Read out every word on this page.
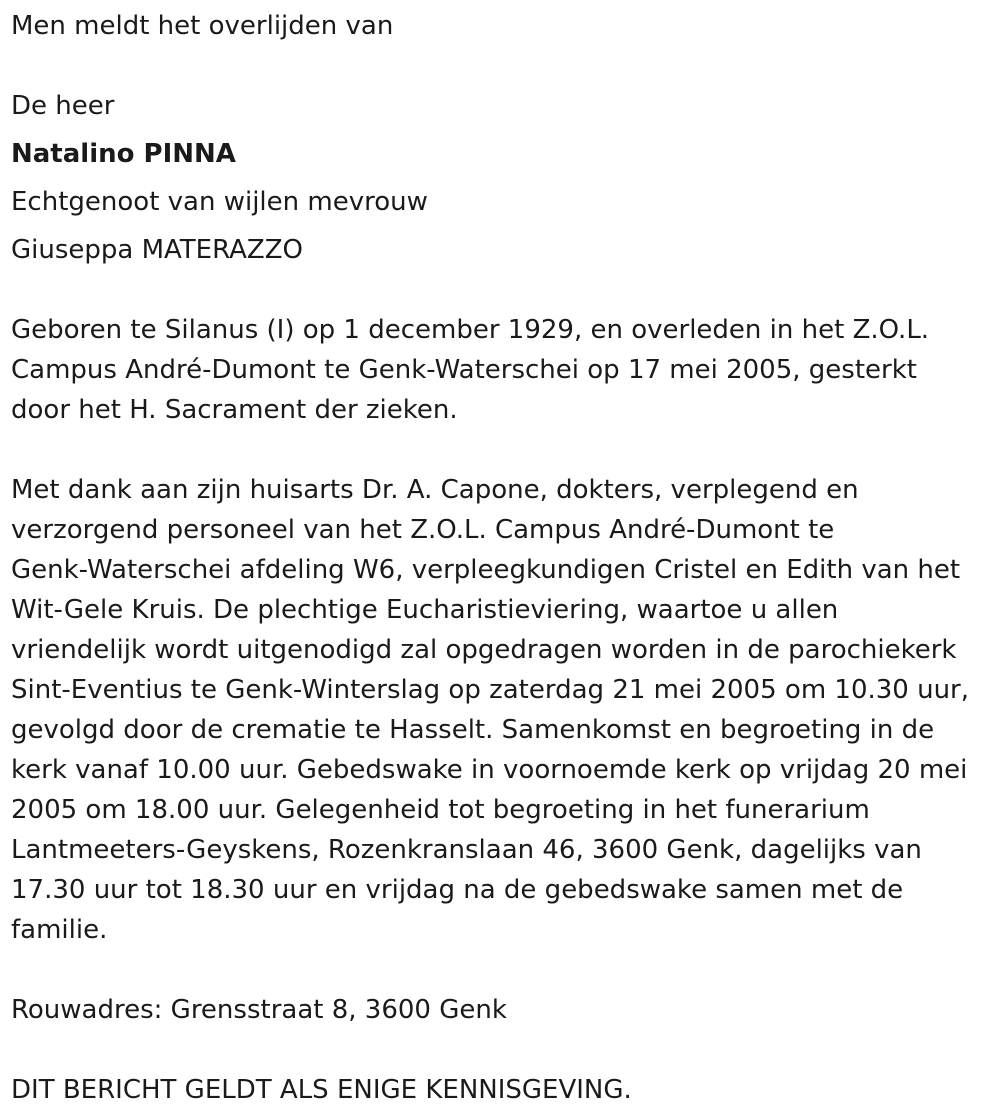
Men meldt het overlijden van

De heer

Natalino PINNA

Echtgenoot van wijlen mevrouw

Giuseppa MATERAZZO

Geboren te Silanus (I) op 1 december 1929, en overleden in het Z.O.L.
Campus André-Dumont te Genk-Waterschei op 17 mei 2005, gesterkt
door het H. Sacrament der zieken.
Met dank aan zijn huisarts Dr. A. Capone, dokters, verplegend en
verzorgend personeel van het Z.O.L. Campus André-Dumont te
Genk-Waterschei afdeling W6, verpleegkundigen Cristel en Edith van het
Wit-Gele Kruis. De plechtige Eucharistieviering, waartoe u allen
vriendelijk wordt uitgenodigd zal opgedragen worden in de parochiekerk
Sint-Eventius te Genk-Winterslag op zaterdag 21 mei 2005 om 10.30 uur,
gevolgd door de crematie te Hasselt. Samenkomst en begroeting in de
kerk vanaf 10.00 uur. Gebedswake in voornoemde kerk op vrijdag 20 mei
2005 om 18.00 uur. Gelegenheid tot begroeting in het funerarium
Lantmeeters-Geyskens, Rozenkranslaan 46, 3600 Genk, dagelijks van
17.30 uur tot 18.30 uur en vrijdag na de gebedswake samen met de
familie.

Rouwadres: Grensstraat 8, 3600 Genk

DIT BERICHT GELDT ALS ENIGE KENNISGEVING.
